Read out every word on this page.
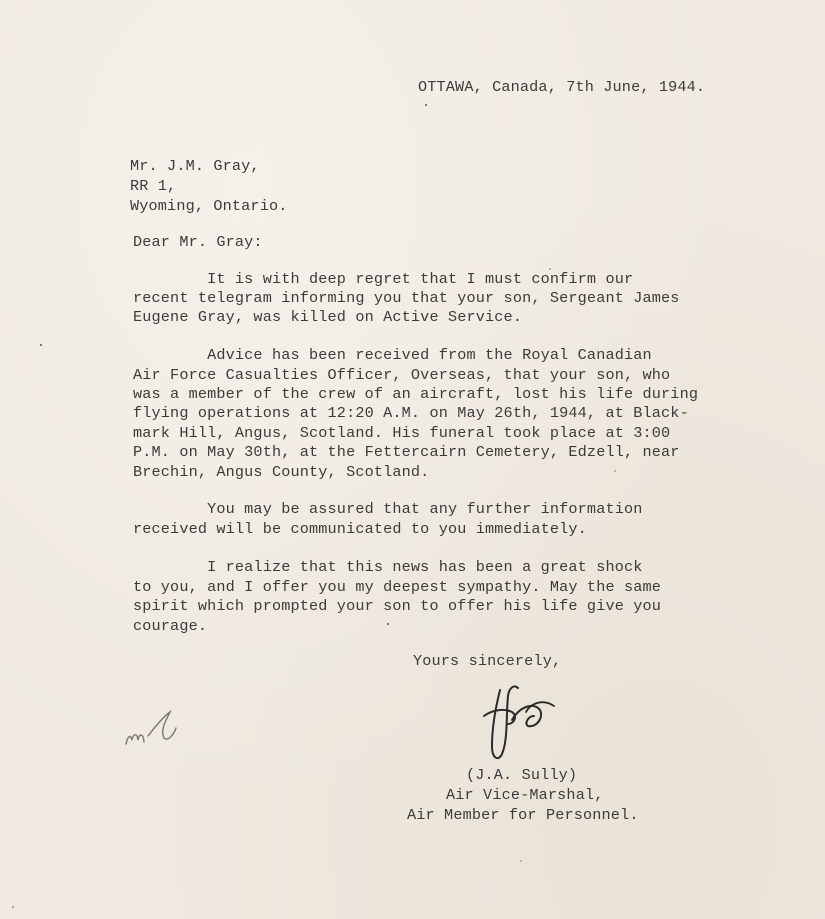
OTTAWA, Canada, 7th June, 1944.
Mr. J.M. Gray,
RR 1,
Wyoming, Ontario.
Dear Mr. Gray:
It is with deep regret that I must confirm our
recent telegram informing you that your son, Sergeant James
Eugene Gray, was killed on Active Service.
Advice has been received from the Royal Canadian
Air Force Casualties Officer, Overseas, that your son, who
was a member of the crew of an aircraft, lost his life during
flying operations at 12:20 A.M. on May 26th, 1944, at Black-
mark Hill, Angus, Scotland. His funeral took place at 3:00
P.M. on May 30th, at the Fettercairn Cemetery, Edzell, near
Brechin, Angus County, Scotland.
You may be assured that any further information
received will be communicated to you immediately.
I realize that this news has been a great shock
to you, and I offer you my deepest sympathy. May the same
spirit which prompted your son to offer his life give you
courage.
Yours sincerely,
(J.A. Sully)
Air Vice-Marshal,
Air Member for Personnel.
